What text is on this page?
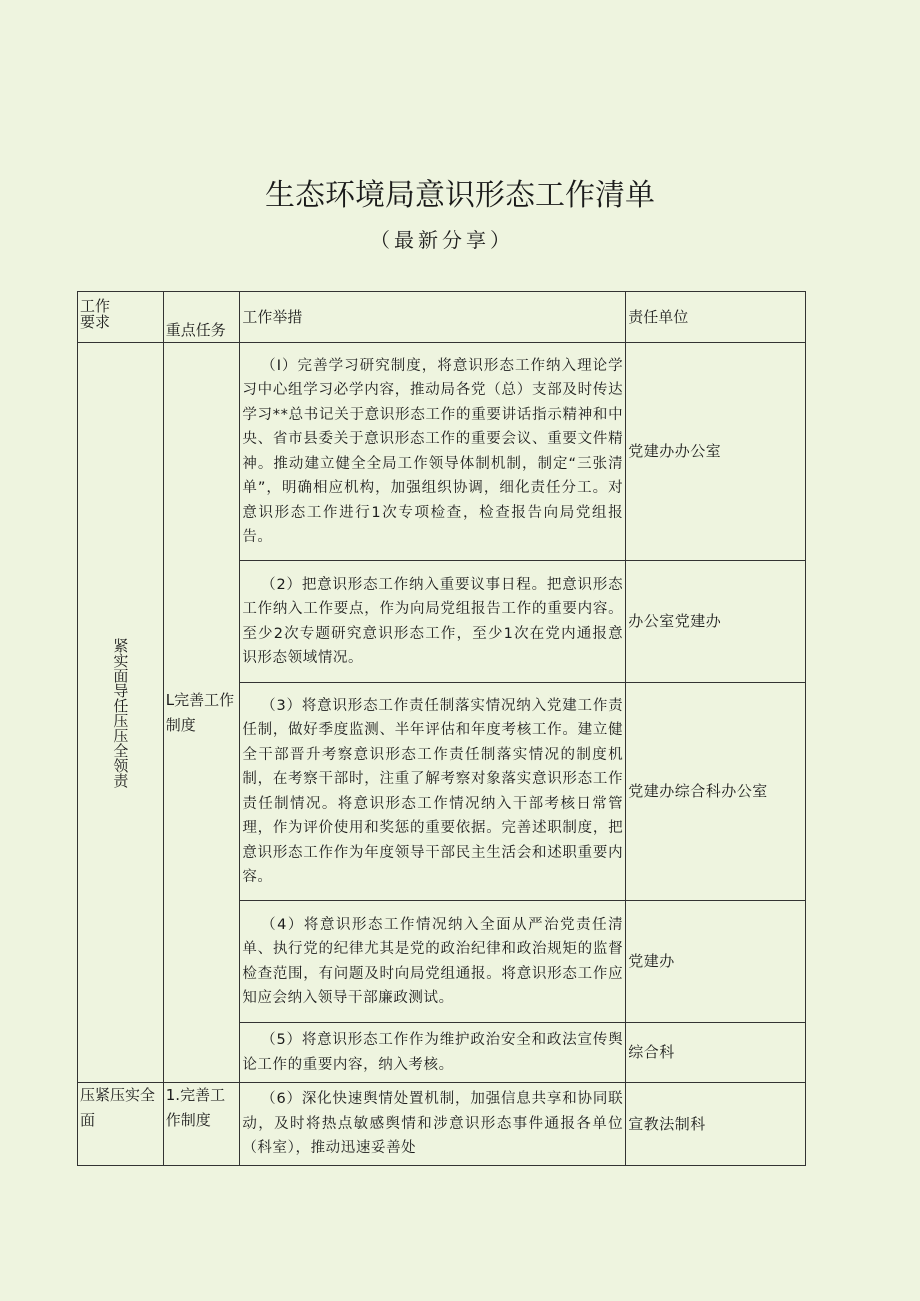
生态环境局意识形态工作清单
（最新分享）
工作
要求	重点任务	工作举措	责任单位

紧实面导任压压全领责	L完善工作制度	（I）完善学习研究制度，将意识形态工作纳入理论学习中心组学习必学内容，推动局各党（总）支部及时传达学习**总书记关于意识形态工作的重要讲话指示精神和中央、省市县委关于意识形态工作的重要会议、重要文件精神。推动建立健全全局工作领导体制机制，制定“三张清单”，明确相应机构，加强组织协调，细化责任分工。对意识形态工作进行1次专项检查，检查报告向局党组报告。	党建办办公室

		（2）把意识形态工作纳入重要议事日程。把意识形态工作纳入工作要点，作为向局党组报告工作的重要内容。至少2次专题研究意识形态工作，至少1次在党内通报意识形态领域情况。	办公室党建办

		（3）将意识形态工作责任制落实情况纳入党建工作责任制，做好季度监测、半年评估和年度考核工作。建立健全干部晋升考察意识形态工作责任制落实情况的制度机制，在考察干部时，注重了解考察对象落实意识形态工作责任制情况。将意识形态工作情况纳入干部考核日常管理，作为评价使用和奖惩的重要依据。完善述职制度，把意识形态工作作为年度领导干部民主生活会和述职重要内容。	党建办综合科办公室

		（4）将意识形态工作情况纳入全面从严治党责任清单、执行党的纪律尤其是党的政治纪律和政治规矩的监督检查范围，有问题及时向局党组通报。将意识形态工作应知应会纳入领导干部廉政测试。	党建办

		（5）将意识形态工作作为维护政治安全和政法宣传舆论工作的重要内容，纳入考核。	综合科
压紧压实全面	1.完善工作制度	（6）深化快速舆情处置机制，加强信息共享和协同联动，及时将热点敏感舆情和涉意识形态事件通报各单位（科室），推动迅速妥善处	宣教法制科
